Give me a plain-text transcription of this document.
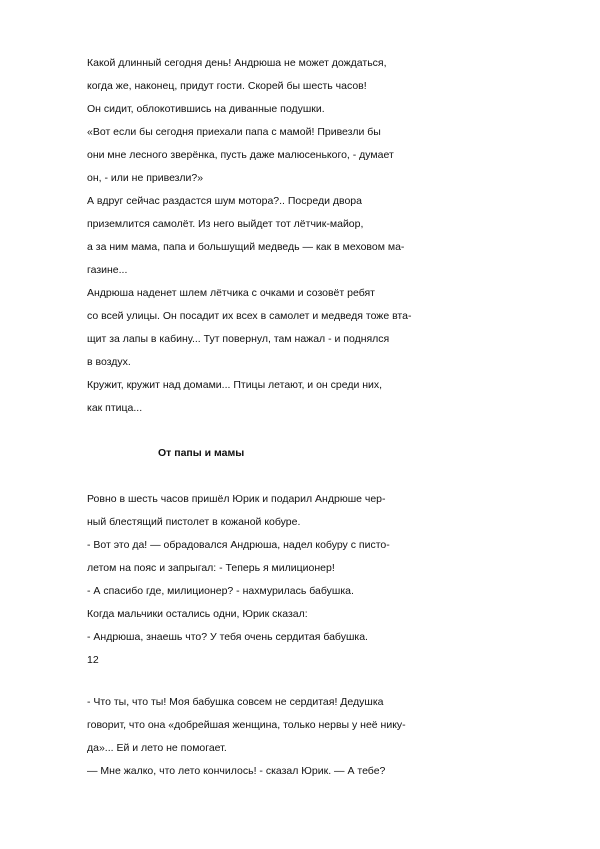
Какой длинный сегодня день! Андрюша не может дождаться,
когда же, наконец, придут гости. Скорей бы шесть часов!
Он сидит, облокотившись на диванные подушки.
«Вот если бы сегодня приехали папа с мамой! Привезли бы
они мне лесного зверёнка, пусть даже малюсенького, - думает
он, - или не привезли?»
А вдруг сейчас раздастся шум мотора?.. Посреди двора
приземлится самолёт. Из него выйдет тот лётчик-майор,
а за ним мама, папа и большущий медведь — как в меховом ма-
газине...
Андрюша наденет шлем лётчика с очками и созовёт ребят
со всей улицы. Он посадит их всех в самолет и медведя тоже вта-
щит за лапы в кабину... Тут повернул, там нажал - и поднялся
в воздух.
Кружит, кружит над домами... Птицы летают, и он среди них,
как птица...
От папы и мамы
Ровно в шесть часов пришёл Юрик и подарил Андрюше чер-
ный блестящий пистолет в кожаной кобуре.
- Вот это да! — обрадовался Андрюша, надел кобуру с писто-
летом на пояс и запрыгал: - Теперь я милиционер!
- А спасибо где, милиционер? - нахмурилась бабушка.
Когда мальчики остались одни, Юрик сказал:
- Андрюша, знаешь что? У тебя очень сердитая бабушка.
12
- Что ты, что ты! Моя бабушка совсем не сердитая! Дедушка
говорит, что она «добрейшая женщина, только нервы у неё нику-
да»... Ей и лето не помогает.
— Мне жалко, что лето кончилось! - сказал Юрик. — А тебе?
